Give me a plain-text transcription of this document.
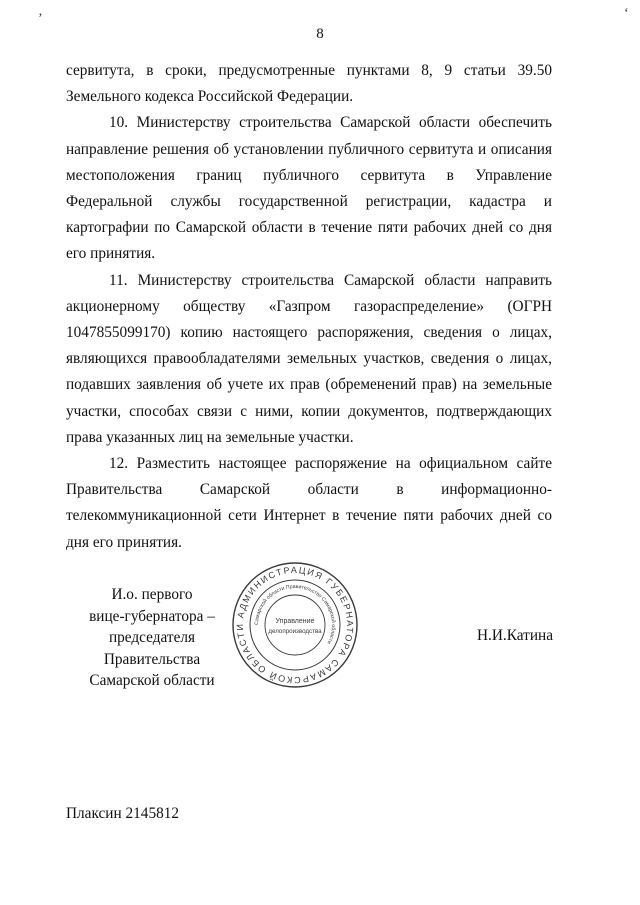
8
‚	‘

сервитута, в сроки, предусмотренные пунктами 8, 9 статьи 39.50 Земельного кодекса Российской Федерации.

10. Министерству строительства Самарской области обеспечить направление решения об установлении публичного сервитута и описания местоположения границ публичного сервитута в Управление Федеральной службы государственной регистрации, кадастра и картографии по Самарской области в течение пяти рабочих дней со дня его принятия.

11. Министерству строительства Самарской области направить акционерному обществу «Газпром газораспределение» (ОГРН 1047855099170) копию настоящего распоряжения, сведения о лицах, являющихся правообладателями земельных участков, сведения о лицах, подавших заявления об учете их прав (обременений прав) на земельные участки, способах связи с ними, копии документов, подтверждающих права указанных лиц на земельные участки.

12. Разместить настоящее распоряжение на официальном сайте Правительства Самарской области в информационно-телекоммуникационной сети Интернет в течение пяти рабочих дней со дня его принятия.

И.о. первого
вице-губернатора –
председателя Правительства
Самарской области
Н.И.Катина
АДМИНИСТРАЦИЯ ГУБЕРНАТОРА САМАРСКОЙ ОБЛАСТИ	Самарской области Правительство Самарской области
Управление
делопроизводства
Плаксин 2145812
